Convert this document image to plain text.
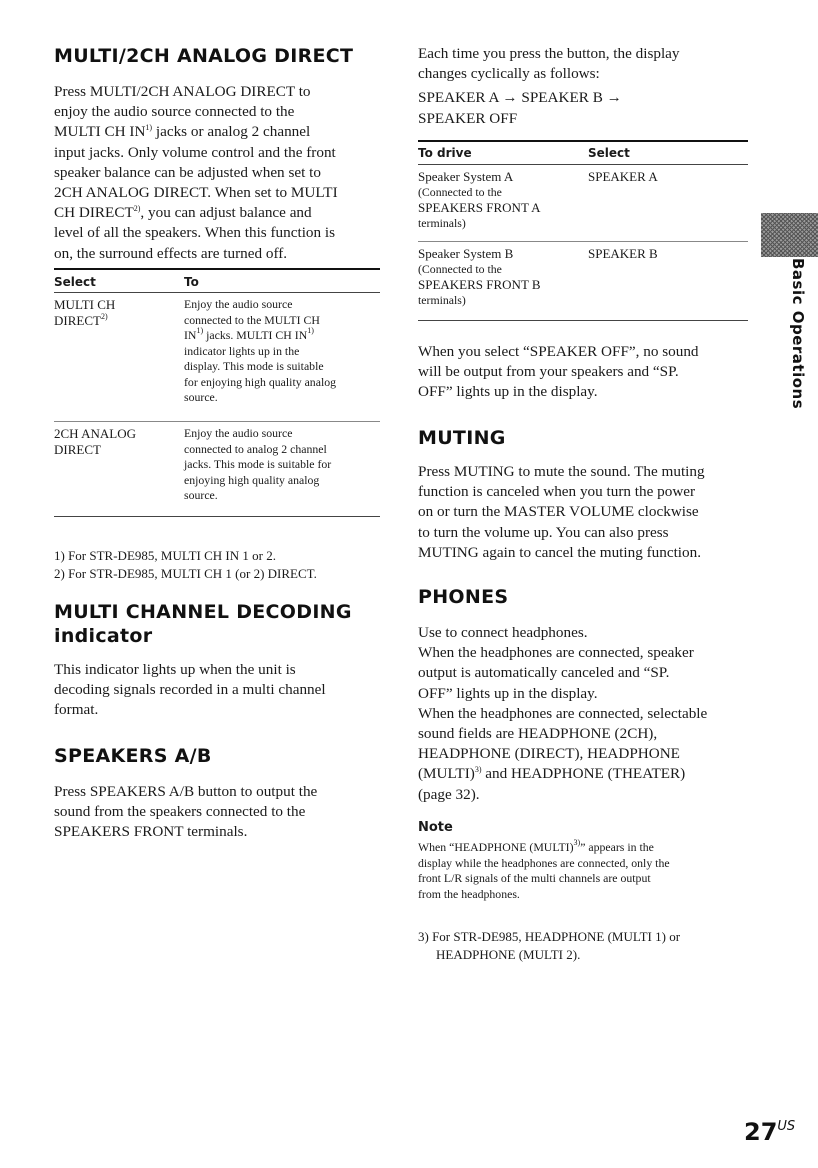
MULTI/2CH ANALOG DIRECT

Press MULTI/2CH ANALOG DIRECT to

enjoy the audio source connected to the

MULTI CH IN$^{1)}$ jacks or analog 2 channel

input jacks. Only volume control and the front

speaker balance can be adjusted when set to

2CH ANALOG DIRECT. When set to MULTI

CH DIRECT$^{2)}$, you can adjust balance and

level of all the speakers. When this function is

on, the surround effects are turned off.

Select	To
MULTI CH
DIRECT$^{2)}$
Enjoy the audio source
connected to the MULTI CH
IN$^{1)}$ jacks. MULTI CH IN$^{1)}$
indicator lights up in the
display. This mode is suitable
for enjoying high quality analog
source.
2CH ANALOG
DIRECT
Enjoy the audio source
connected to analog 2 channel
jacks. This mode is suitable for
enjoying high quality analog
source.
1) For STR-DE985, MULTI CH IN 1 or 2.
2) For STR-DE985, MULTI CH 1 (or 2) DIRECT.
MULTI CHANNEL DECODING
indicator

This indicator lights up when the unit is

decoding signals recorded in a multi channel

format.

SPEAKERS A/B

Press SPEAKERS A/B button to output the

sound from the speakers connected to the

SPEAKERS FRONT terminals.

Each time you press the button, the display

changes cyclically as follows:

SPEAKER A → SPEAKER B →

SPEAKER OFF

To drive	Select
Speaker System A
(Connected to the
SPEAKERS FRONT A
terminals)
SPEAKER A
Speaker System B
(Connected to the
SPEAKERS FRONT B
terminals)
SPEAKER B

When you select “SPEAKER OFF”, no sound

will be output from your speakers and “SP.

OFF” lights up in the display.

MUTING

Press MUTING to mute the sound. The muting

function is canceled when you turn the power

on or turn the MASTER VOLUME clockwise

to turn the volume up. You can also press

MUTING again to cancel the muting function.

PHONES

Use to connect headphones.

When the headphones are connected, speaker

output is automatically canceled and “SP.

OFF” lights up in the display.

When the headphones are connected, selectable

sound fields are HEADPHONE (2CH),

HEADPHONE (DIRECT), HEADPHONE

(MULTI)$^{3)}$ and HEADPHONE (THEATER)

(page 32).

Note
When “HEADPHONE (MULTI)$^{3)}$” appears in the
display while the headphones are connected, only the
front L/R signals of the multi channels are output
from the headphones.
3) For STR-DE985, HEADPHONE (MULTI 1) or
HEADPHONE (MULTI 2).
Basic Operations
$27^{US}$
